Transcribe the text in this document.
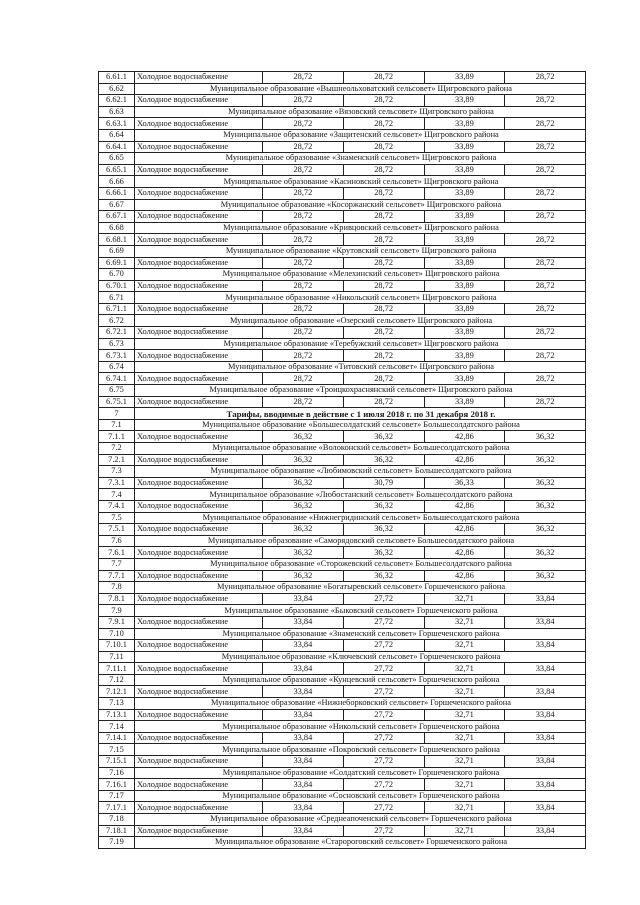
6.61.1	Холодное водоснабжение	28,72	28,72	33,89	28,72
6.62	Муниципальное образование «Вышнеольховатский сельсовет» Щигровского района				
6.62.1	Холодное водоснабжение	28,72	28,72	33,89	28,72
6.63	Муниципальное образование «Вязовский сельсовет» Щигровского района				
6.63.1	Холодное водоснабжение	28,72	28,72	33,89	28,72
6.64	Муниципальное образование «Защитенский сельсовет» Щигровского района				
6.64.1	Холодное водоснабжение	28,72	28,72	33,89	28,72
6.65	Муниципальное образование «Знаменский сельсовет» Щигровского района				
6.65.1	Холодное водоснабжение	28,72	28,72	33,89	28,72
6.66	Муниципальное образование «Касиновский сельсовет» Щигровского района				
6.66.1	Холодное водоснабжение	28,72	28,72	33,89	28,72
6.67	Муниципальное образование «Косоржанский сельсовет» Щигровского района				
6.67.1	Холодное водоснабжение	28,72	28,72	33,89	28,72
6.68	Муниципальное образование «Кривцовский сельсовет» Щигровского района				
6.68.1	Холодное водоснабжение	28,72	28,72	33,89	28,72
6.69	Муниципальное образование «Крутовский сельсовет» Щигровского района				
6.69.1	Холодное водоснабжение	28,72	28,72	33,89	28,72
6.70	Муниципальное образование «Мелехинский сельсовет» Щигровского района				
6.70.1	Холодное водоснабжение	28,72	28,72	33,89	28,72
6.71	Муниципальное образование «Никольский сельсовет» Щигровского района				
6.71.1	Холодное водоснабжение	28,72	28,72	33,89	28,72
6.72	Муниципальное образование «Озерский сельсовет» Щигровского района				
6.72.1	Холодное водоснабжение	28,72	28,72	33,89	28,72
6.73	Муниципальное образование «Теребужский сельсовет» Щигровского района				
6.73.1	Холодное водоснабжение	28,72	28,72	33,89	28,72
6.74	Муниципальное образование «Титовский сельсовет» Щигровского района				
6.74.1	Холодное водоснабжение	28,72	28,72	33,89	28,72
6.75	Муниципальное образование «Троицкохраснянский сельсовет» Щигровского района				
6.75.1	Холодное водоснабжение	28,72	28,72	33,89	28,72
7	Тарифы, вводимые в действие с 1 июля 2018 г. по 31 декабря 2018 г.				
7.1	Муниципальное образование «Большесолдатский сельсовет» Большесолдатского района				
7.1.1	Холодное водоснабжение	36,32	36,32	42,86	36,32
7.2	Муниципальное образование «Волоконский сельсовет» Большесолдатского района				
7.2.1	Холодное водоснабжение	36,32	36,32	42,86	36,32
7.3	Муниципальное образование «Любимовский сельсовет» Большесолдатского района				
7.3.1	Холодное водоснабжение	36,32	30,79	36,33	36,32
7.4	Муниципальное образование «Любостанский сельсовет» Большесолдатского района				
7.4.1	Холодное водоснабжение	36,32	36,32	42,86	36,32
7.5	Муниципальное образование «Нижнегридинский сельсовет» Большесолдатского района				
7.5.1	Холодное водоснабжение	36,32	36,32	42,86	36,32
7.6	Муниципальное образование «Саморядовский сельсовет» Большесолдатского района				
7.6.1	Холодное водоснабжение	36,32	36,32	42,86	36,32
7.7	Муниципальное образование «Сторожевский сельсовет» Большесолдатского района				
7.7.1	Холодное водоснабжение	36,32	36,32	42,86	36,32
7.8	Муниципальное образование «Богатыревский сельсовет» Горшеченского района				
7.8.1	Холодное водоснабжение	33,84	27,72	32,71	33,84
7.9	Муниципальное образование «Быковский сельсовет» Горшеченского района				
7.9.1	Холодное водоснабжение	33,84	27,72	32,71	33,84
7.10	Муниципальное образование «Знаменский сельсовет» Горшеченского района				
7.10.1	Холодное водоснабжение	33,84	27,72	32,71	33,84
7.11	Муниципальное образование «Ключевский сельсовет» Горшеченского района				
7.11.1	Холодное водоснабжение	33,84	27,72	32,71	33,84
7.12	Муниципальное образование «Кунцевский сельсовет» Горшеченского района				
7.12.1	Холодное водоснабжение	33,84	27,72	32,71	33,84
7.13	Муниципальное образование «Нижнеборковский сельсовет» Горшеченского района				
7.13.1	Холодное водоснабжение	33,84	27,72	32,71	33,84
7.14	Муниципальное образование «Никольский сельсовет» Горшеченского района				
7.14.1	Холодное водоснабжение	33,84	27,72	32,71	33,84
7.15	Муниципальное образование «Покровский сельсовет» Горшеченского района				
7.15.1	Холодное водоснабжение	33,84	27,72	32,71	33,84
7.16	Муниципальное образование «Солдатский сельсовет» Горшеченского района				
7.16.1	Холодное водоснабжение	33,84	27,72	32,71	33,84
7.17	Муниципальное образование «Сосновский сельсовет» Горшеченского района				
7.17.1	Холодное водоснабжение	33,84	27,72	32,71	33,84
7.18	Муниципальное образование «Среднеапоченский сельсовет» Горшеченского района				
7.18.1	Холодное водоснабжение	33,84	27,72	32,71	33,84
7.19	Муниципальное образование «Старороговский сельсовет» Горшеченского района				
